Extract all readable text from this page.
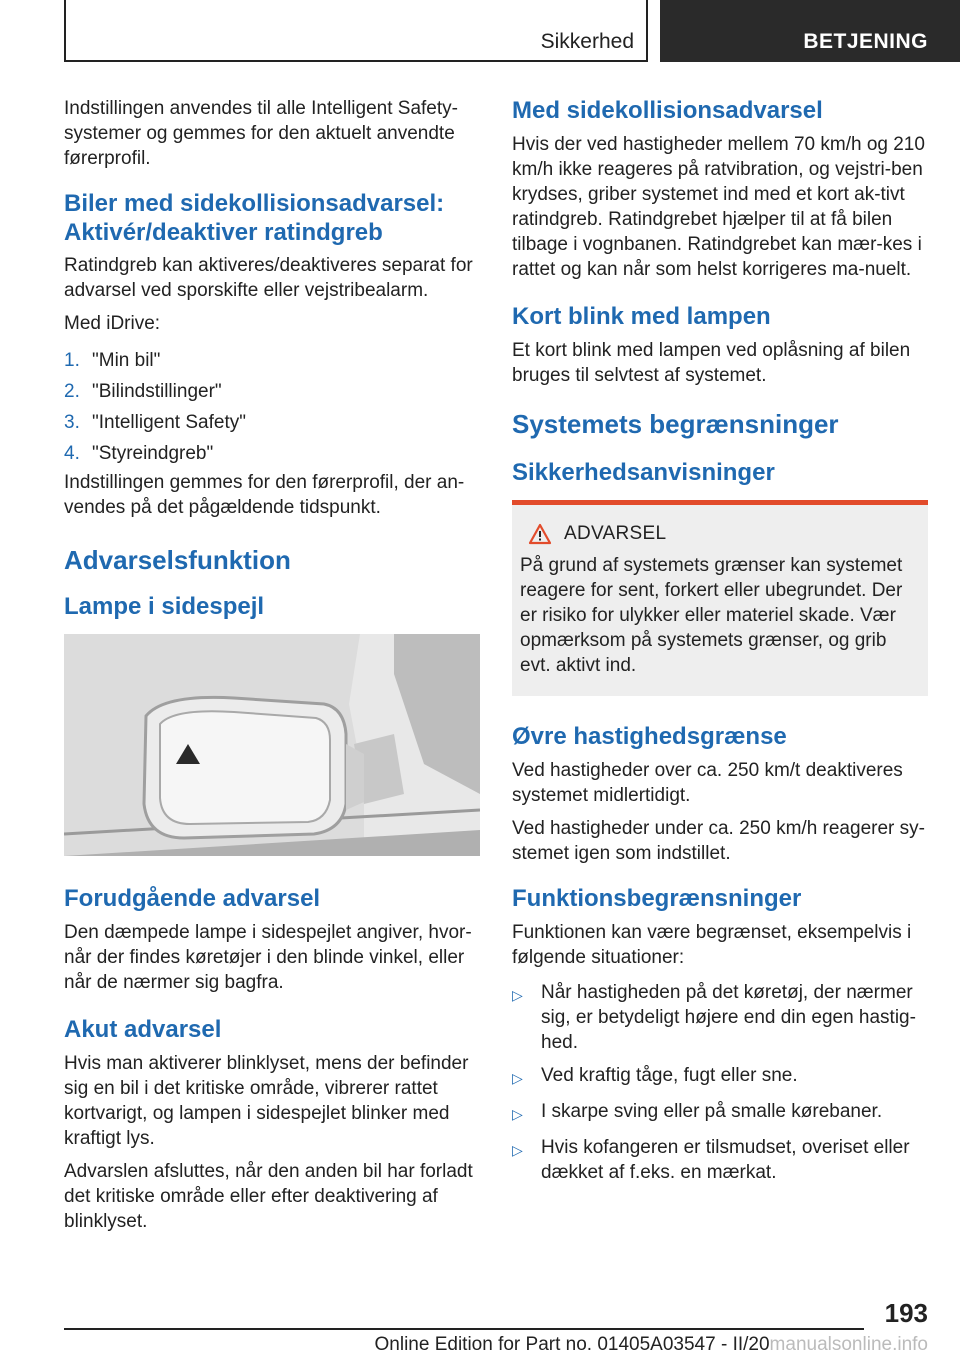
Sikkerhed	BETJENING

Indstillingen anvendes til alle Intelligent Safety-systemer og gemmes for den aktuelt anvendte førerprofil.

Biler med sidekollisionsadvarsel: Aktivér/deaktiver ratindgreb

Ratindgreb kan aktiveres/deaktiveres separat for advarsel ved sporskifte eller vejstribealarm.

Med iDrive:

1. "Min bil"
2. "Bilindstillinger"
3. "Intelligent Safety"
4. "Styreindgreb"

Indstillingen gemmes for den førerprofil, der an-vendes på det pågældende tidspunkt.

Advarselsfunktion
Lampe i sidespejl
Forudgående advarsel

Den dæmpede lampe i sidespejlet angiver, hvor-når der findes køretøjer i den blinde vinkel, eller når de nærmer sig bagfra.

Akut advarsel

Hvis man aktiverer blinklyset, mens der befinder sig en bil i det kritiske område, vibrerer rattet kortvarigt, og lampen i sidespejlet blinker med kraftigt lys.

Advarslen afsluttes, når den anden bil har forladt det kritiske område eller efter deaktivering af blinklyset.

Med sidekollisionsadvarsel

Hvis der ved hastigheder mellem 70 km/h og 210 km/h ikke reageres på ratvibration, og vejstri-ben krydses, griber systemet ind med et kort ak-tivt ratindgreb. Ratindgrebet hjælper til at få bilen tilbage i vognbanen. Ratindgrebet kan mær-kes i rattet og kan når som helst korrigeres ma-nuelt.

Kort blink med lampen

Et kort blink med lampen ved oplåsning af bilen bruges til selvtest af systemet.

Systemets begrænsninger
Sikkerhedsanvisninger
ADVARSEL

På grund af systemets grænser kan systemet reagere for sent, forkert eller ubegrundet. Der er risiko for ulykker eller materiel skade. Vær opmærksom på systemets grænser, og grib evt. aktivt ind.

Øvre hastighedsgrænse

Ved hastigheder over ca. 250 km/t deaktiveres systemet midlertidigt.

Ved hastigheder under ca. 250 km/h reagerer sy-stemet igen som indstillet.

Funktionsbegrænsninger

Funktionen kan være begrænset, eksempelvis i følgende situationer:

▷ Når hastigheden på det køretøj, der nærmer sig, er betydeligt højere end din egen hastig-hed.
▷ Ved kraftig tåge, fugt eller sne.
▷ I skarpe sving eller på smalle kørebaner.
▷ Hvis kofangeren er tilsmudset, overiset eller dækket af f.eks. en mærkat.
193
Online Edition for Part no. 01405A03547 - II/20manualsonline.info
